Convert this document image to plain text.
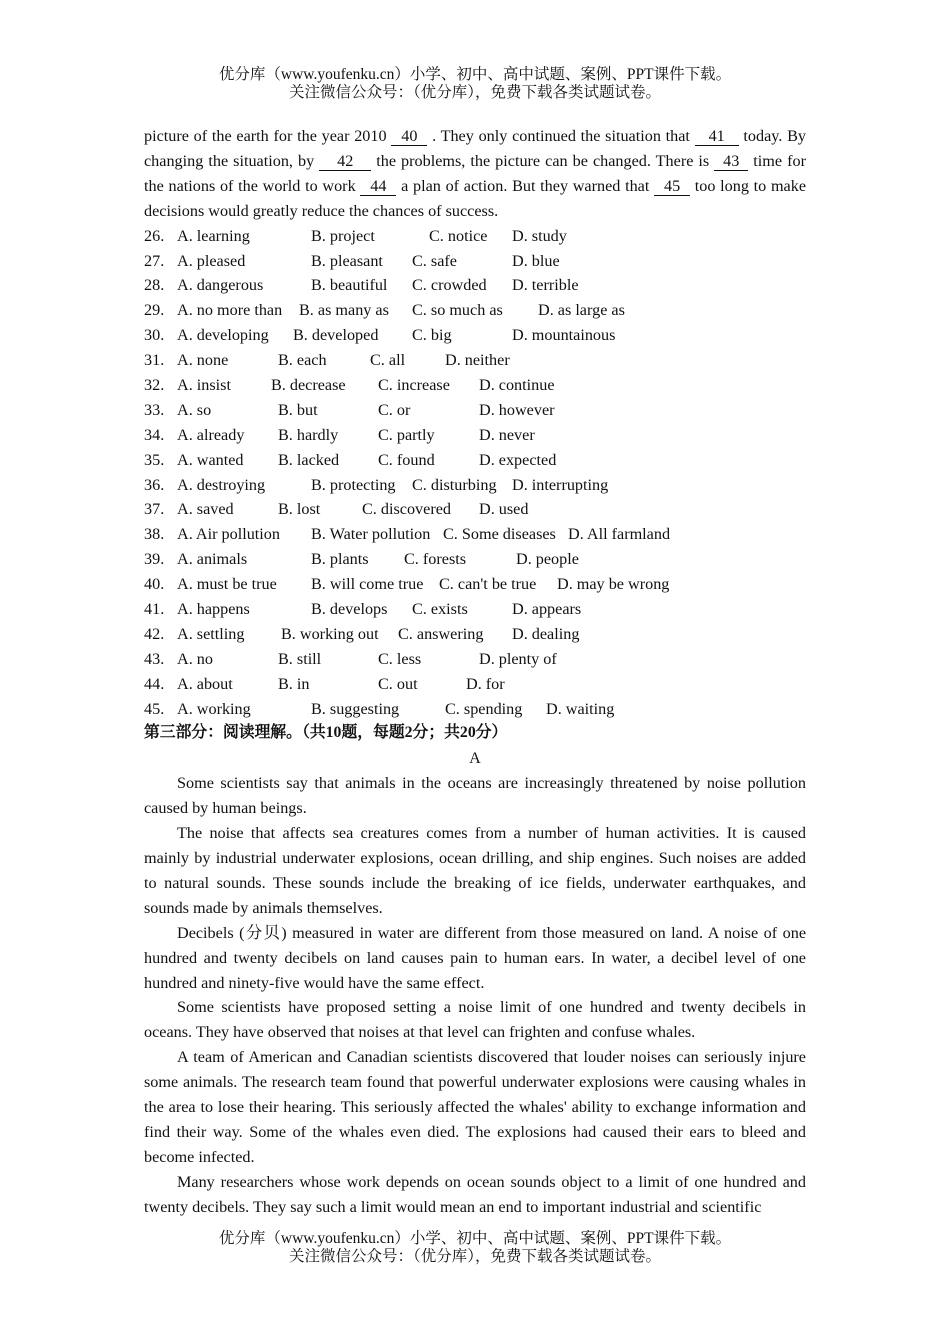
优分库（www.youfenku.cn）小学、初中、高中试题、案例、PPT课件下载。
关注微信公众号：（优分库），免费下载各类试题试卷。

picture of the earth for the year 2010 40 . They only continued the situation that 41 today. By changing the situation, by 42 the problems, the picture can be changed. There is 43 time for the nations of the world to work 44 a plan of action. But they warned that 45 too long to make decisions would greatly reduce the chances of success.

26. A. learning	B. project	C. notice D. study
27. A. pleased	B. pleasant C. safe	D. blue
28. A. dangerous	B. beautiful C. crowded D. terrible
29. A. no more than B. as many as C. so much as D. as large as
30. A. developing B. developed C. big	D. mountainous
31. A. none	B. each	C. all D. neither
32. A. insist B. decrease C. increase D. continue
33. A. so	B. but	C. or	D. however
34. A. already B. hardly C. partly	D. never
35. A. wanted B. lacked C. found	D. expected
36. A. destroying	B. protecting C. disturbing D. interrupting
37. A. saved	B. lost	C. discovered D. used
38. A. Air pollution B. Water pollution C. Some diseases D. All farmland
39. A. animals	B. plants C. forests	D. people
40. A. must be true B. will come true C. can't be true D. may be wrong
41. A. happens	B. develops C. exists	D. appears
42. A. settling B. working out C. answering D. dealing
43. A. no	B. still	C. less	D. plenty of
44. A. about	B. in	C. out	D. for
45. A. working	B. suggesting	C. spending D. waiting
第三部分：阅读理解。（共10题，每题2分；共20分）
A

Some scientists say that animals in the oceans are increasingly threatened by noise pollution caused by human beings.

The noise that affects sea creatures comes from a number of human activities. It is caused mainly by industrial underwater explosions, ocean drilling, and ship engines. Such noises are added to natural sounds. These sounds include the breaking of ice fields, underwater earthquakes, and sounds made by animals themselves.

Decibels (分贝) measured in water are different from those measured on land. A noise of one hundred and twenty decibels on land causes pain to human ears. In water, a decibel level of one hundred and ninety-five would have the same effect.

Some scientists have proposed setting a noise limit of one hundred and twenty decibels in oceans. They have observed that noises at that level can frighten and confuse whales.

A team of American and Canadian scientists discovered that louder noises can seriously injure some animals. The research team found that powerful underwater explosions were causing whales in the area to lose their hearing. This seriously affected the whales' ability to exchange information and find their way. Some of the whales even died. The explosions had caused their ears to bleed and become infected.

Many researchers whose work depends on ocean sounds object to a limit of one hundred and twenty decibels. They say such a limit would mean an end to important industrial and scientific

优分库（www.youfenku.cn）小学、初中、高中试题、案例、PPT课件下载。
关注微信公众号：（优分库），免费下载各类试题试卷。
